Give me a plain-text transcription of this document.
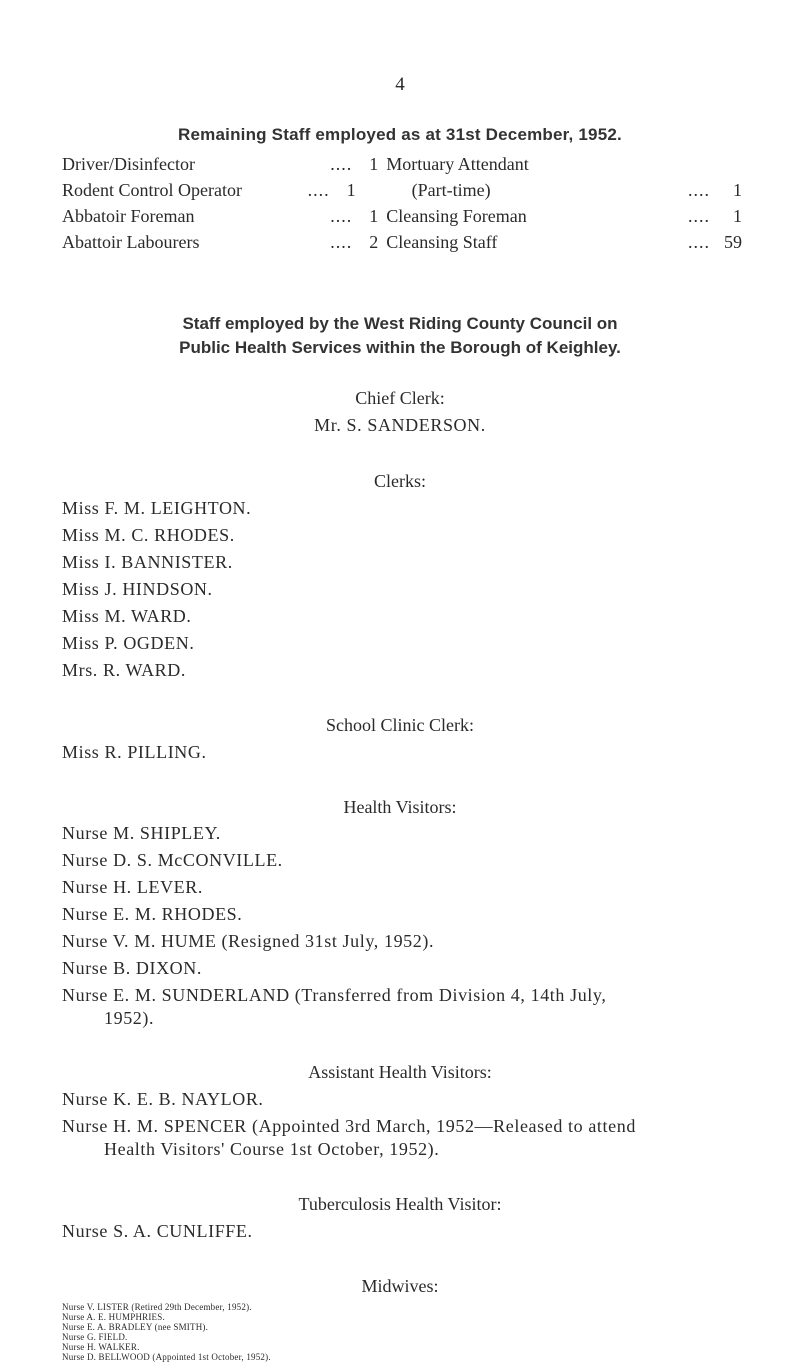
4
Remaining Staff employed as at 31st December, 1952.
Driver/Disinfector	.... 1 Mortuary Attendant
Rodent Control Operator	.... 1	(Part-time)	....	1
Abbatoir Foreman	.... 1 Cleansing Foreman	....	1
Abattoir Labourers	.... 2 Cleansing Staff	.... 59
Staff employed by the West Riding County Council on
Public Health Services within the Borough of Keighley.
Chief Clerk:
Mr. S. SANDERSON.
Clerks:
Miss F. M. LEIGHTON.
Miss M. C. RHODES.
Miss I. BANNISTER.
Miss J. HINDSON.
Miss M. WARD.
Miss P. OGDEN.
Mrs. R. WARD.
School Clinic Clerk:
Miss R. PILLING.
Health Visitors:
Nurse M. SHIPLEY.
Nurse D. S. McCONVILLE.
Nurse H. LEVER.
Nurse E. M. RHODES.
Nurse V. M. HUME (Resigned 31st July, 1952).
Nurse B. DIXON.
Nurse E. M. SUNDERLAND (Transferred from Division 4, 14th July,
1952).
Assistant Health Visitors:
Nurse K. E. B. NAYLOR.
Nurse H. M. SPENCER (Appointed 3rd March, 1952—Released to attend
Health Visitors' Course 1st October, 1952).
Tuberculosis Health Visitor:
Nurse S. A. CUNLIFFE.
Midwives:
Nurse V. LISTER (Retired 29th December, 1952).
Nurse A. E. HUMPHRIES.
Nurse E. A. BRADLEY (nee SMITH).
Nurse G. FIELD.
Nurse H. WALKER.
Nurse D. BELLWOOD (Appointed 1st October, 1952).
